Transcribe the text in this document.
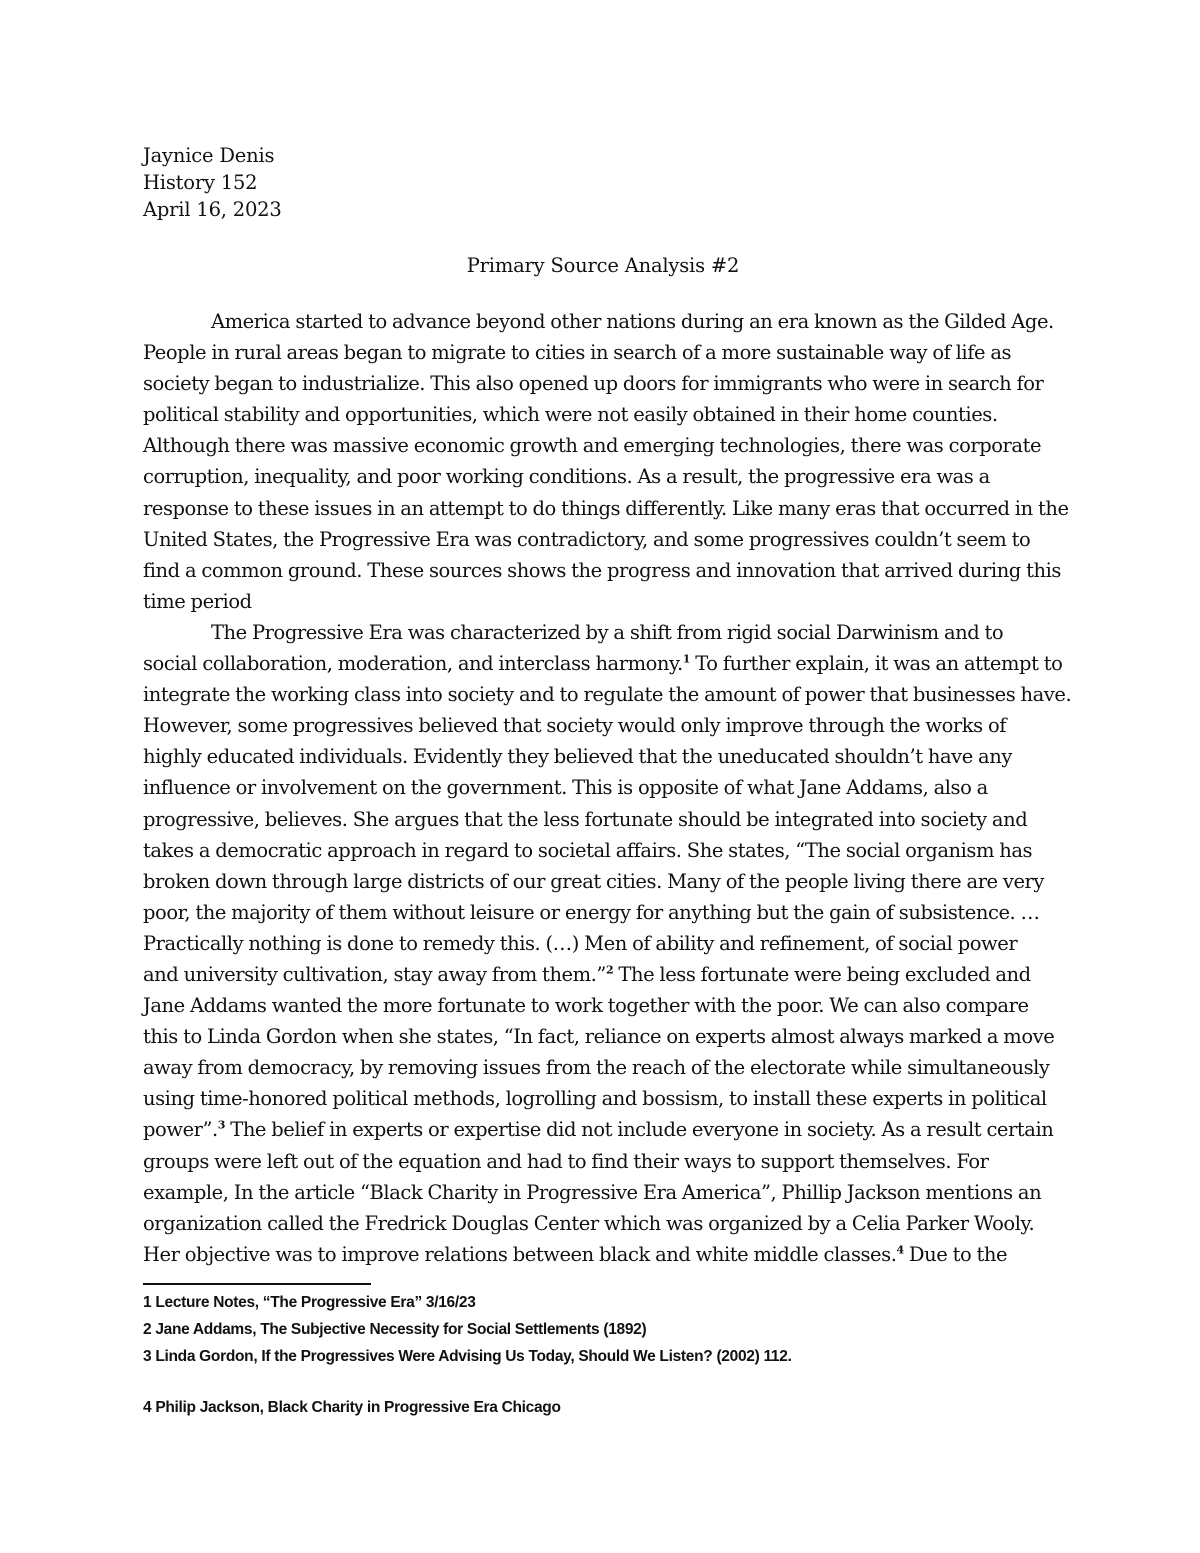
Jaynice Denis
History 152
April 16, 2023
Primary Source Analysis #2
America started to advance beyond other nations during an era known as the Gilded Age.
People in rural areas began to migrate to cities in search of a more sustainable way of life as
society began to industrialize. This also opened up doors for immigrants who were in search for
political stability and opportunities, which were not easily obtained in their home counties.
Although there was massive economic growth and emerging technologies, there was corporate
corruption, inequality, and poor working conditions. As a result, the progressive era was a
response to these issues in an attempt to do things differently. Like many eras that occurred in the
United States, the Progressive Era was contradictory, and some progressives couldn’t seem to
find a common ground. These sources shows the progress and innovation that arrived during this
time period
The Progressive Era was characterized by a shift from rigid social Darwinism and to
social collaboration, moderation, and interclass harmony.$^1$ To further explain, it was an attempt to
integrate the working class into society and to regulate the amount of power that businesses have.
However, some progressives believed that society would only improve through the works of
highly educated individuals. Evidently they believed that the uneducated shouldn’t have any
influence or involvement on the government. This is opposite of what Jane Addams, also a
progressive, believes. She argues that the less fortunate should be integrated into society and
takes a democratic approach in regard to societal affairs. She states, “The social organism has
broken down through large districts of our great cities. Many of the people living there are very
poor, the majority of them without leisure or energy for anything but the gain of subsistence. …
Practically nothing is done to remedy this. (…) Men of ability and refinement, of social power
and university cultivation, stay away from them.”$^2$ The less fortunate were being excluded and
Jane Addams wanted the more fortunate to work together with the poor. We can also compare
this to Linda Gordon when she states, “In fact, reliance on experts almost always marked a move
away from democracy, by removing issues from the reach of the electorate while simultaneously
using time-honored political methods, logrolling and bossism, to install these experts in political
power”.$^3$ The belief in experts or expertise did not include everyone in society. As a result certain
groups were left out of the equation and had to find their ways to support themselves. For
example, In the article “Black Charity in Progressive Era America”, Phillip Jackson mentions an
organization called the Fredrick Douglas Center which was organized by a Celia Parker Wooly.
Her objective was to improve relations between black and white middle classes.$^4$ Due to the
1 Lecture Notes, “The Progressive Era” 3/16/23
2 Jane Addams, The Subjective Necessity for Social Settlements (1892)
3 Linda Gordon, If the Progressives Were Advising Us Today, Should We Listen? (2002) 112.
4 Philip Jackson, Black Charity in Progressive Era Chicago
